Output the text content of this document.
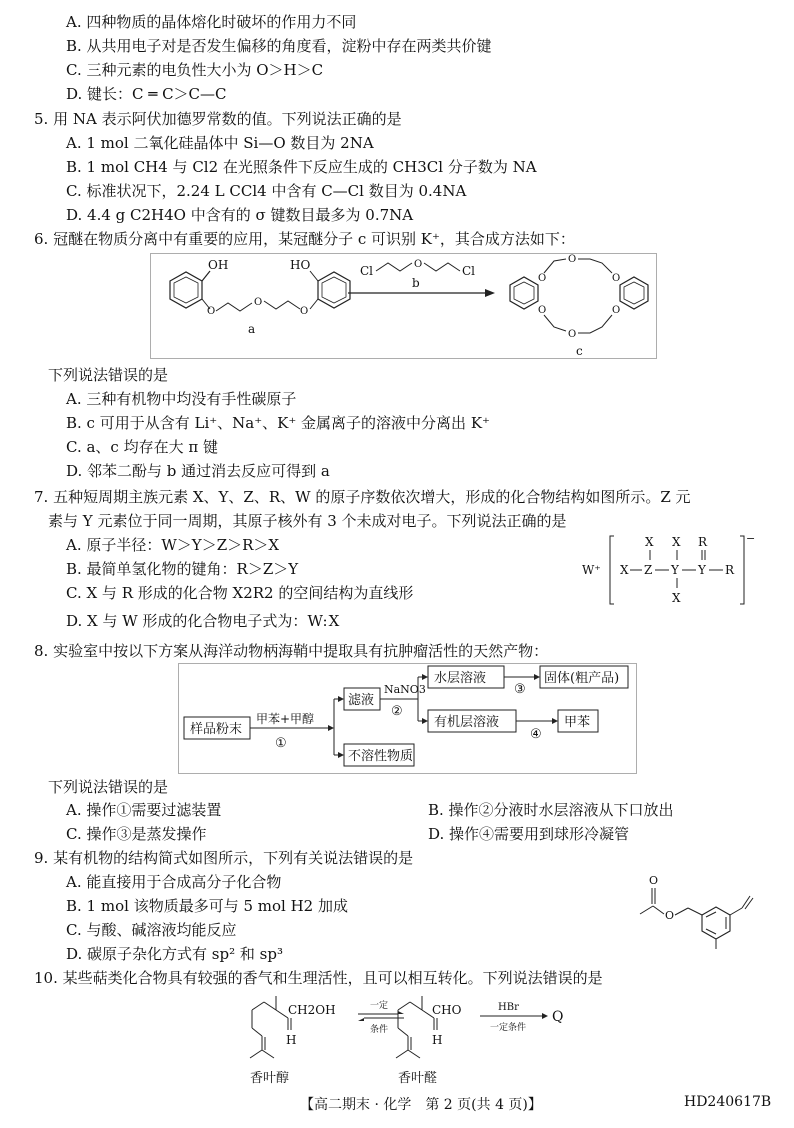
A. 四种物质的晶体熔化时破坏的作用力不同
B. 从共用电子对是否发生偏移的角度看，淀粉中存在两类共价键
C. 三种元素的电负性大小为 O＞H＞C
D. 键长：C ═ C＞C—C
5. 用 NA 表示阿伏加德罗常数的值。下列说法正确的是
A. 1 mol 二氧化硅晶体中 Si—O 数目为 2NA
B. 1 mol CH4 与 Cl2 在光照条件下反应生成的 CH3Cl 分子数为 NA
C. 标准状况下，2.24 L CCl4 中含有 C—Cl 数目为 0.4NA
D. 4.4 g C2H4O 中含有的 σ 键数目最多为 0.7NA
6. 冠醚在物质分离中有重要的应用，某冠醚分子 c 可识别 K⁺，其合成方法如下：
OH
O
O
O
HO
a
Cl	O	Cl
b	O
O
O
O
O
O
c
下列说法错误的是
A. 三种有机物中均没有手性碳原子
B. c 可用于从含有 Li⁺、Na⁺、K⁺ 金属离子的溶液中分离出 K⁺
C. a、c 均存在大 π 键
D. 邻苯二酚与 b 通过消去反应可得到 a
7. 五种短周期主族元素 X、Y、Z、R、W 的原子序数依次增大，形成的化合物结构如图所示。Z 元
素与 Y 元素位于同一周期，其原子核外有 3 个未成对电子。下列说法正确的是
A. 原子半径：W＞Y＞Z＞R＞X
B. 最简单氢化物的键角：R＞Z＞Y
C. X 与 R 形成的化合物 X2R2 的空间结构为直线形
D. X 与 W 形成的化合物电子式为：W:X
W⁺
−
X Z
X
Y
X
X
Y
R
R
8. 实验室中按以下方案从海洋动物柄海鞘中提取具有抗肿瘤活性的天然产物：
样品粉末
甲苯+甲醇
①
滤液
不溶性物质
NaNO3
②
水层溶液
③
固体(粗产品)
有机层溶液
④
甲苯
下列说法错误的是
A. 操作①需要过滤装置	B. 操作②分液时水层溶液从下口放出
C. 操作③是蒸发操作	D. 操作④需要用到球形冷凝管
9. 某有机物的结构简式如图所示，下列有关说法错误的是
A. 能直接用于合成高分子化合物
B. 1 mol 该物质最多可与 5 mol H2 加成
C. 与酸、碱溶液均能反应
D. 碳原子杂化方式有 sp² 和 sp³
O
O
10. 某些萜类化合物具有较强的香气和生理活性，且可以相互转化。下列说法错误的是
CH2OH
H
香叶醇
一定
条件
CHO
H
香叶醛
HBr
一定条件
Q
【高二期末 · 化学　第 2 页(共 4 页)】	HD240617B
